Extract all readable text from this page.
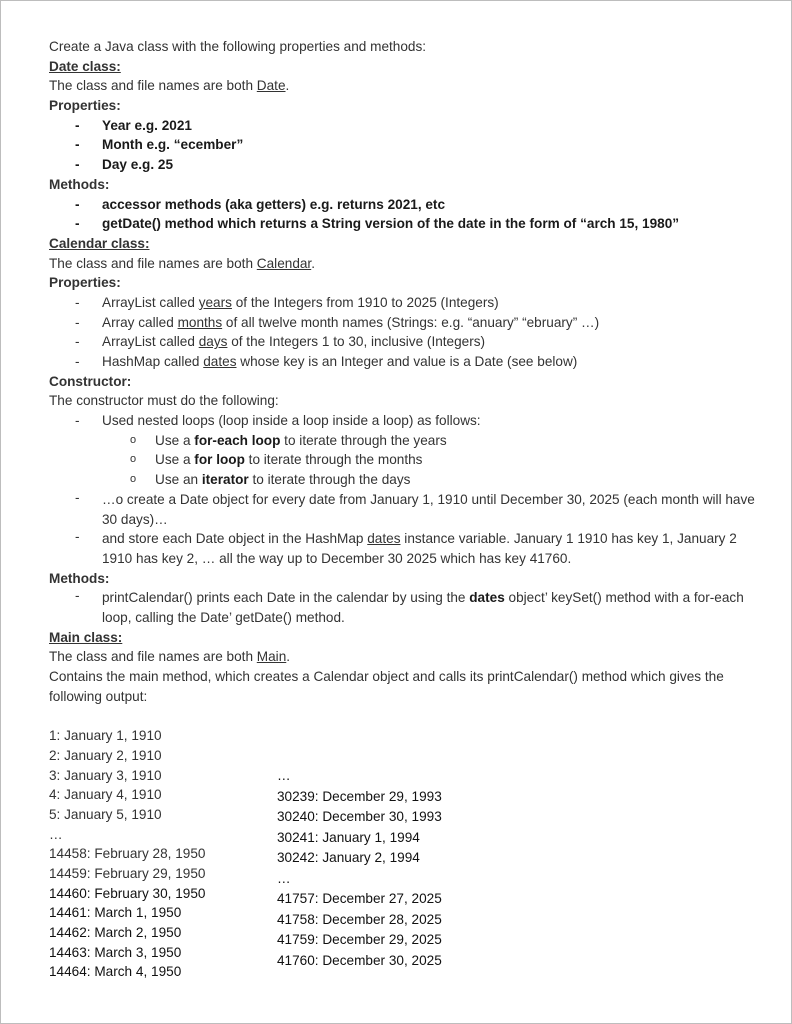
Create a Java class with the following properties and methods:
Date class:
The class and file names are both Date.
Properties:
- Year e.g. 2021
- Month e.g. “ecember”
- Day e.g. 25
Methods:
- accessor methods (aka getters) e.g. returns 2021, etc
- getDate() method which returns a String version of the date in the form of “arch 15, 1980”
Calendar class:
The class and file names are both Calendar.
Properties:
- ArrayList called years of the Integers from 1910 to 2025 (Integers)
- Array called months of all twelve month names (Strings: e.g. “anuary” “ebruary” …)
- ArrayList called days of the Integers 1 to 30, inclusive (Integers)
- HashMap called dates whose key is an Integer and value is a Date (see below)
Constructor:
The constructor must do the following:
- Used nested loops (loop inside a loop inside a loop) as follows:
o Use a for-each loop to iterate through the years
o Use a for loop to iterate through the months
o Use an iterator to iterate through the days
- …o create a Date object for every date from January 1, 1910 until December 30, 2025 (each month will have 30 days)…
- and store each Date object in the HashMap dates instance variable. January 1 1910 has key 1, January 2 1910 has key 2, … all the way up to December 30 2025 which has key 41760.
Methods:
- printCalendar() prints each Date in the calendar by using the dates object’ keySet() method with a for-each loop, calling the Date’ getDate() method.
Main class:
The class and file names are both Main.
Contains the main method, which creates a Calendar object and calls its printCalendar() method which gives the following output:
1: January 1, 1910
2: January 2, 1910
3: January 3, 1910
4: January 4, 1910
5: January 5, 1910
…
14458: February 28, 1950
14459: February 29, 1950
14460: February 30, 1950
14461: March 1, 1950
14462: March 2, 1950
14463: March 3, 1950
14464: March 4, 1950
…
30239: December 29, 1993
30240: December 30, 1993
30241: January 1, 1994
30242: January 2, 1994
…
41757: December 27, 2025
41758: December 28, 2025
41759: December 29, 2025
41760: December 30, 2025
